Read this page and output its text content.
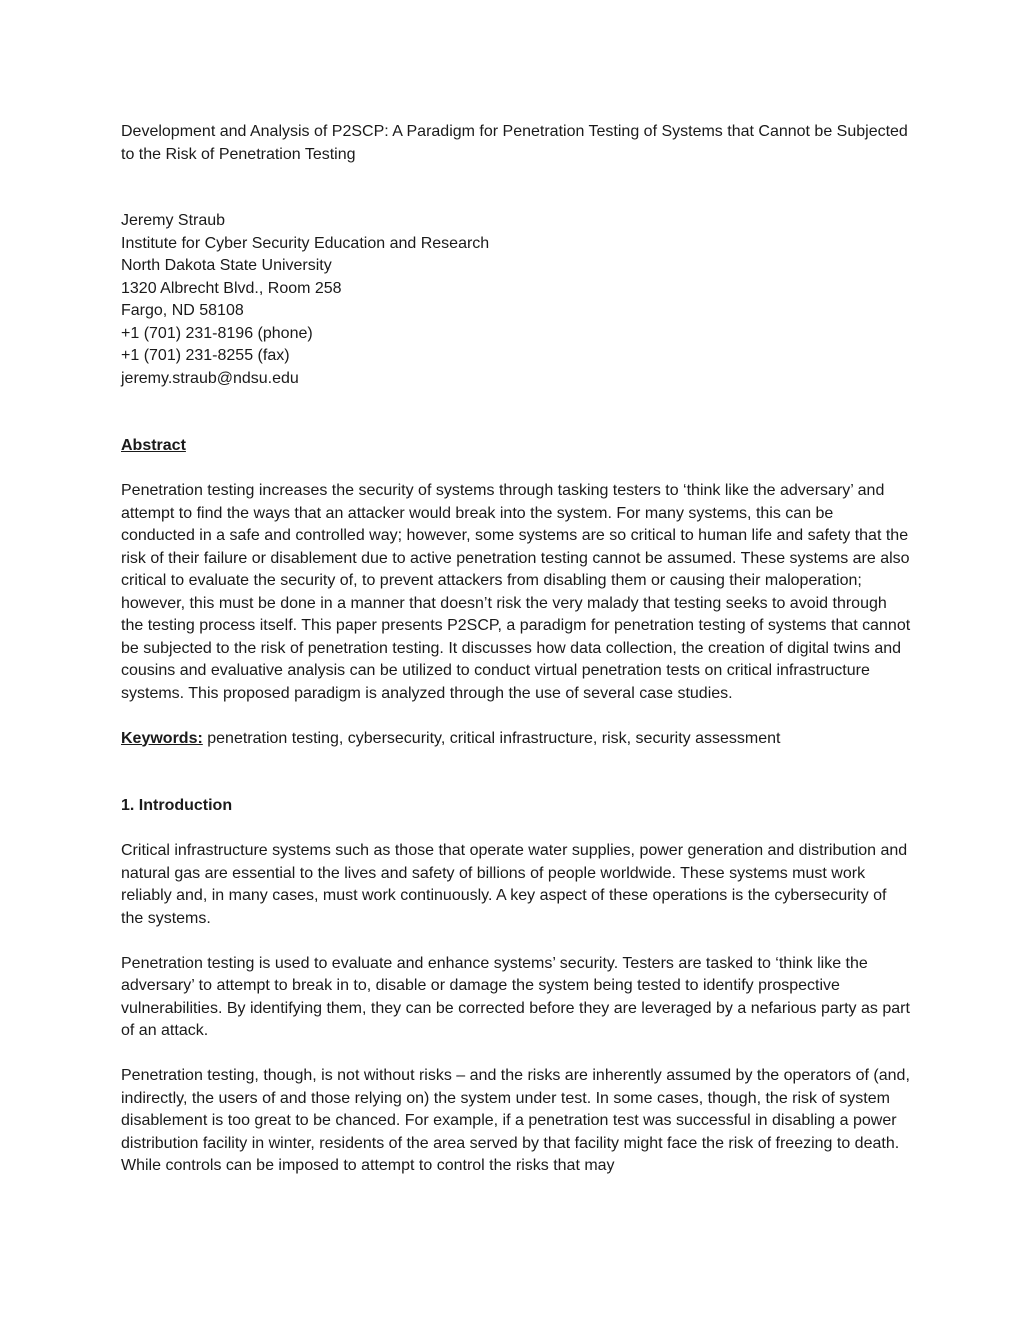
Development and Analysis of P2SCP: A Paradigm for Penetration Testing of Systems that Cannot be Subjected to the Risk of Penetration Testing
Jeremy Straub
Institute for Cyber Security Education and Research
North Dakota State University
1320 Albrecht Blvd., Room 258
Fargo, ND 58108
+1 (701) 231-8196 (phone)
+1 (701) 231-8255 (fax)
jeremy.straub@ndsu.edu
Abstract

Penetration testing increases the security of systems through tasking testers to ‘think like the adversary’ and attempt to find the ways that an attacker would break into the system. For many systems, this can be conducted in a safe and controlled way; however, some systems are so critical to human life and safety that the risk of their failure or disablement due to active penetration testing cannot be assumed. These systems are also critical to evaluate the security of, to prevent attackers from disabling them or causing their maloperation; however, this must be done in a manner that doesn’t risk the very malady that testing seeks to avoid through the testing process itself. This paper presents P2SCP, a paradigm for penetration testing of systems that cannot be subjected to the risk of penetration testing. It discusses how data collection, the creation of digital twins and cousins and evaluative analysis can be utilized to conduct virtual penetration tests on critical infrastructure systems. This proposed paradigm is analyzed through the use of several case studies.

Keywords: penetration testing, cybersecurity, critical infrastructure, risk, security assessment

1. Introduction

Critical infrastructure systems such as those that operate water supplies, power generation and distribution and natural gas are essential to the lives and safety of billions of people worldwide. These systems must work reliably and, in many cases, must work continuously. A key aspect of these operations is the cybersecurity of the systems.

Penetration testing is used to evaluate and enhance systems’ security. Testers are tasked to ‘think like the adversary’ to attempt to break in to, disable or damage the system being tested to identify prospective vulnerabilities. By identifying them, they can be corrected before they are leveraged by a nefarious party as part of an attack.

Penetration testing, though, is not without risks – and the risks are inherently assumed by the operators of (and, indirectly, the users of and those relying on) the system under test. In some cases, though, the risk of system disablement is too great to be chanced. For example, if a penetration test was successful in disabling a power distribution facility in winter, residents of the area served by that facility might face the risk of freezing to death. While controls can be imposed to attempt to control the risks that may
